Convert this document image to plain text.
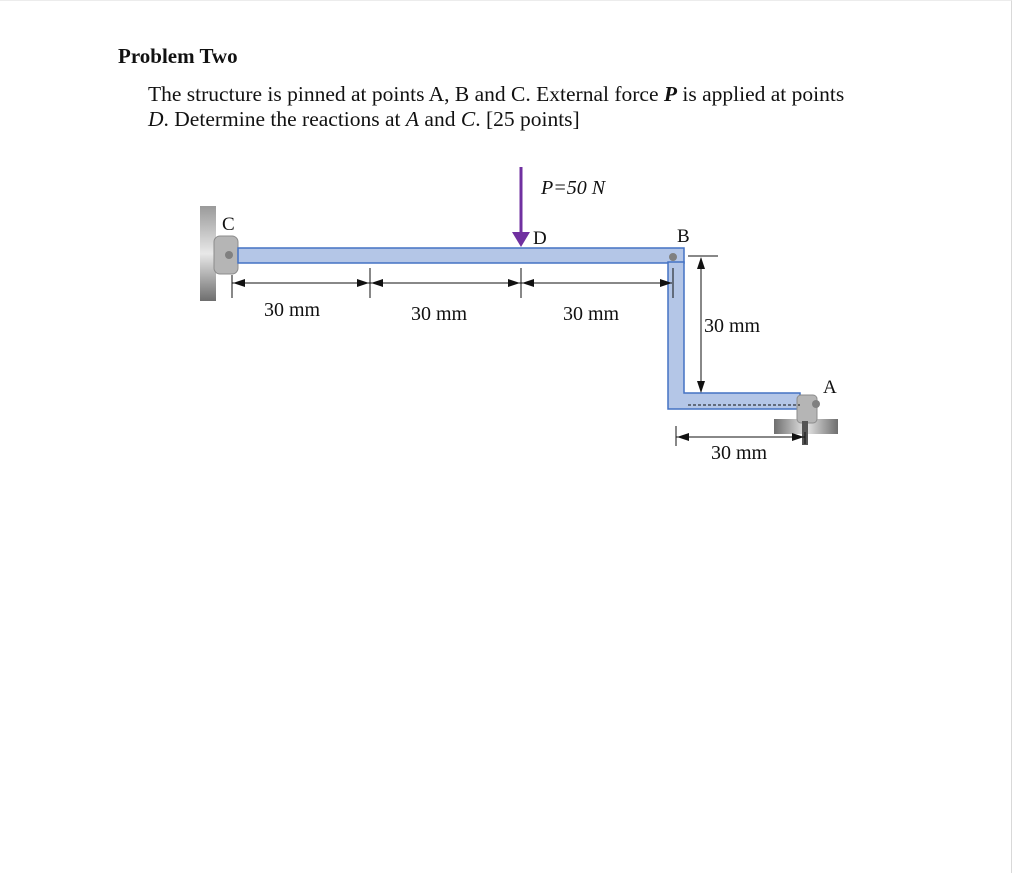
Problem Two

The structure is pinned at points A, B and C. External force P is applied at points D. Determine the reactions at A and C. [25 points]

P=50 N
C
D	B
A
30 mm	30 mm	30 mm
30 mm
30 mm
